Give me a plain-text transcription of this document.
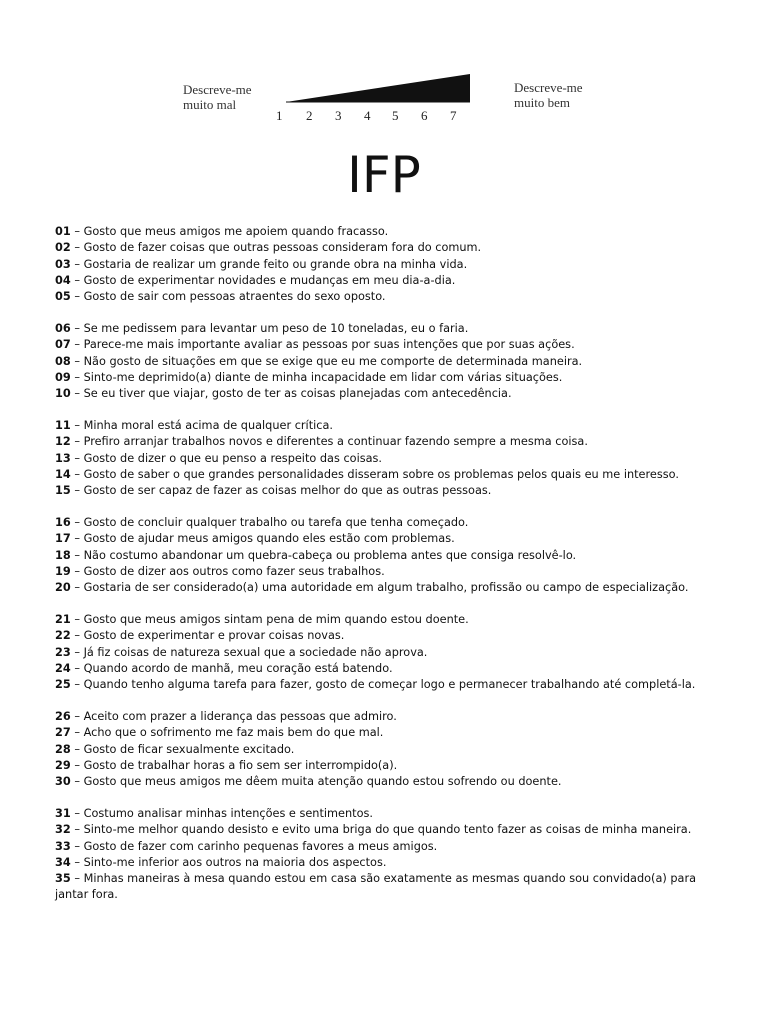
Descreve-me
muito mal
1 2 3 4 5 6 7
Descreve-me
muito bem
IFP
01 – Gosto que meus amigos me apoiem quando fracasso.
02 – Gosto de fazer coisas que outras pessoas consideram fora do comum.
03 – Gostaria de realizar um grande feito ou grande obra na minha vida.
04 – Gosto de experimentar novidades e mudanças em meu dia-a-dia.
05 – Gosto de sair com pessoas atraentes do sexo oposto.
06 – Se me pedissem para levantar um peso de 10 toneladas, eu o faria.
07 – Parece-me mais importante avaliar as pessoas por suas intenções que por suas ações.
08 – Não gosto de situações em que se exige que eu me comporte de determinada maneira.
09 – Sinto-me deprimido(a) diante de minha incapacidade em lidar com várias situações.
10 – Se eu tiver que viajar, gosto de ter as coisas planejadas com antecedência.
11 – Minha moral está acima de qualquer crítica.
12 – Prefiro arranjar trabalhos novos e diferentes a continuar fazendo sempre a mesma coisa.
13 – Gosto de dizer o que eu penso a respeito das coisas.
14 – Gosto de saber o que grandes personalidades disseram sobre os problemas pelos quais eu me interesso.
15 – Gosto de ser capaz de fazer as coisas melhor do que as outras pessoas.
16 – Gosto de concluir qualquer trabalho ou tarefa que tenha começado.
17 – Gosto de ajudar meus amigos quando eles estão com problemas.
18 – Não costumo abandonar um quebra-cabeça ou problema antes que consiga resolvê-lo.
19 – Gosto de dizer aos outros como fazer seus trabalhos.
20 – Gostaria de ser considerado(a) uma autoridade em algum trabalho, profissão ou campo de especialização.
21 – Gosto que meus amigos sintam pena de mim quando estou doente.
22 – Gosto de experimentar e provar coisas novas.
23 – Já fiz coisas de natureza sexual que a sociedade não aprova.
24 – Quando acordo de manhã, meu coração está batendo.
25 – Quando tenho alguma tarefa para fazer, gosto de começar logo e permanecer trabalhando até completá-la.
26 – Aceito com prazer a liderança das pessoas que admiro.
27 – Acho que o sofrimento me faz mais bem do que mal.
28 – Gosto de ficar sexualmente excitado.
29 – Gosto de trabalhar horas a fio sem ser interrompido(a).
30 – Gosto que meus amigos me dêem muita atenção quando estou sofrendo ou doente.
31 – Costumo analisar minhas intenções e sentimentos.
32 – Sinto-me melhor quando desisto e evito uma briga do que quando tento fazer as coisas de minha maneira.
33 – Gosto de fazer com carinho pequenas favores a meus amigos.
34 – Sinto-me inferior aos outros na maioria dos aspectos.
35 – Minhas maneiras à mesa quando estou em casa são exatamente as mesmas quando sou convidado(a) para jantar fora.
